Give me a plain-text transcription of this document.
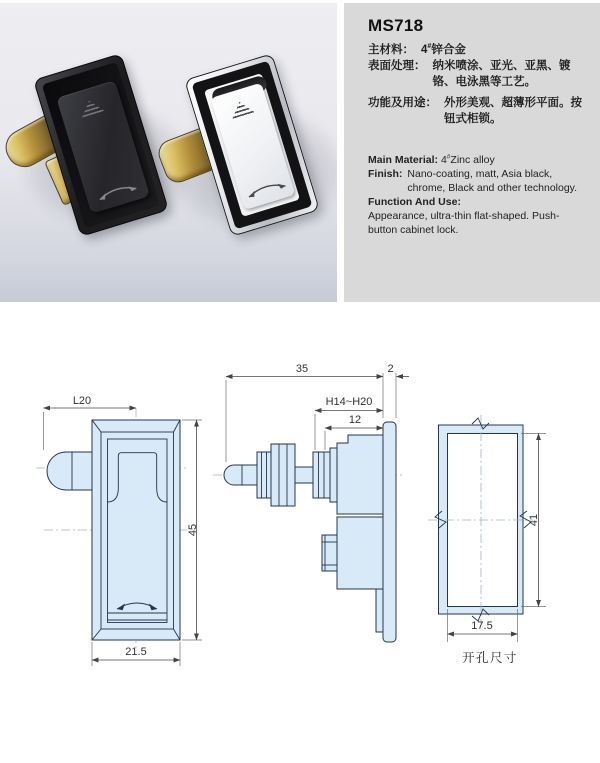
MS718
主材料： 4#锌合金
表面处理： 纳米喷涂、亚光、亚黑、镀铬、电泳黑等工艺。
功能及用途： 外形美观、超薄形平面。按钮式柜锁。
Main Material: 4#Zinc alloy
Finish: Nano-coating, matt, Asia black, chrome, Black and other technology.
Function And Use:
Appearance, ultra-thin flat-shaped. Push-button cabinet lock.
L20
45
21.5
35	2
H14~H20
12
41
17.5
开孔尺寸
